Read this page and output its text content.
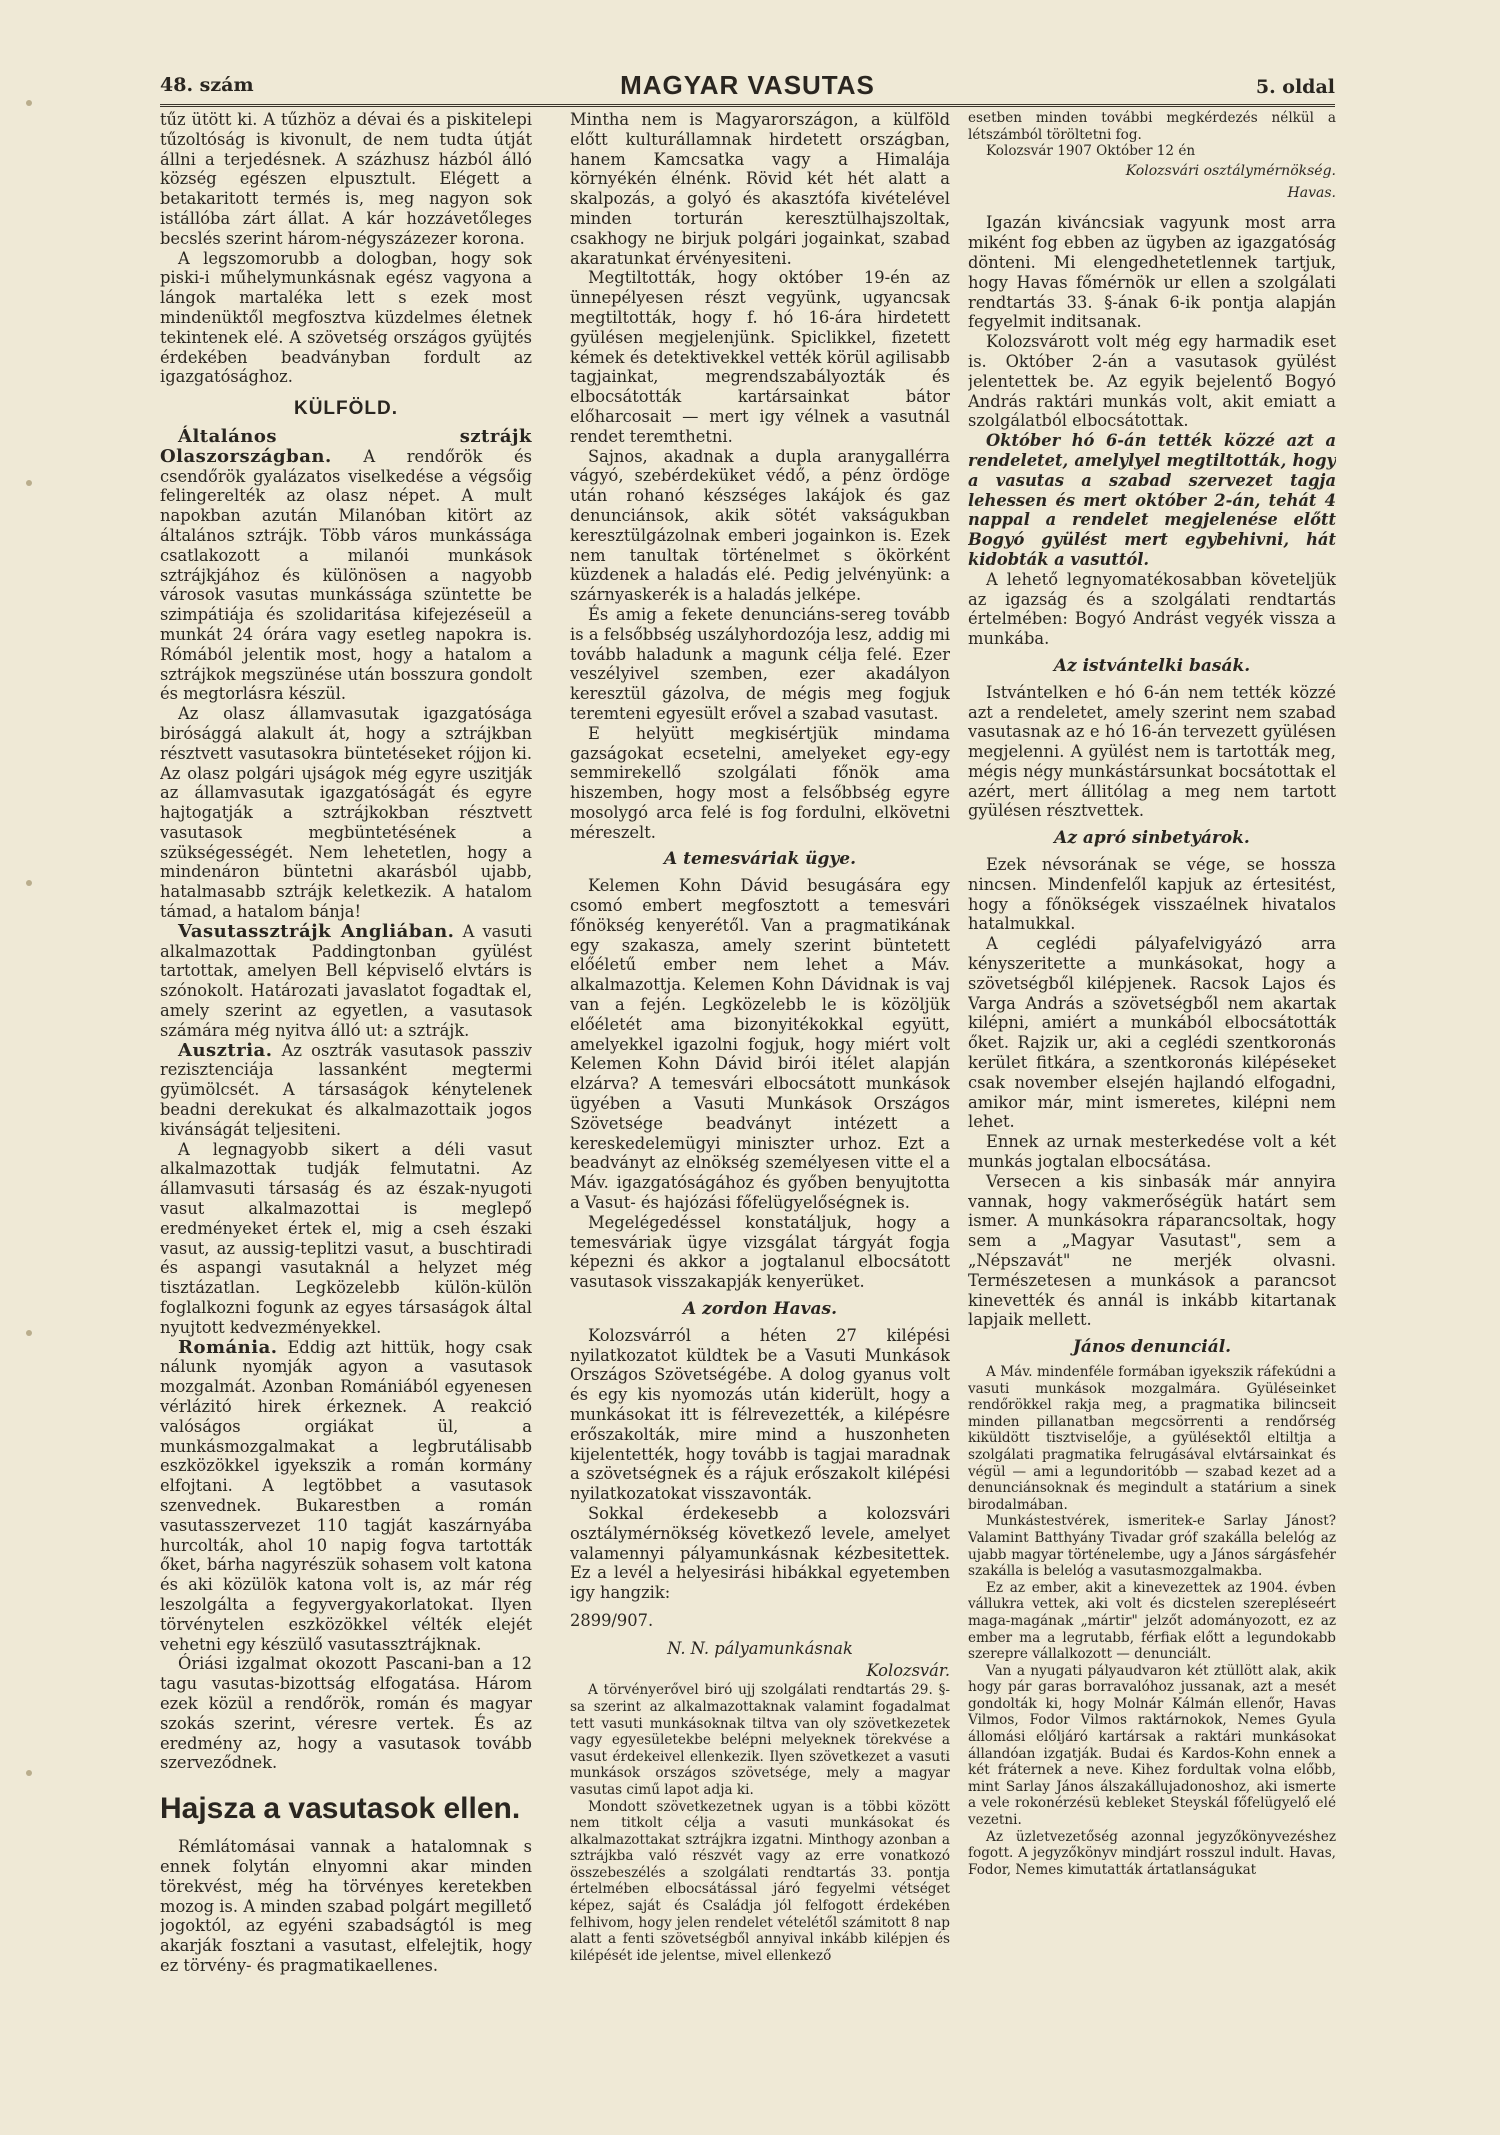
48. szám	MAGYAR VASUTAS	5. oldal

tűz ütött ki. A tűzhöz a dévai és a piskitelepi tűzoltóság is kivonult, de nem tudta útját állni a terjedésnek. A százhusz házból álló község egészen elpusztult. Elégett a betakaritott termés is, meg nagyon sok istállóba zárt állat. A kár hozzávetőleges becslés szerint három-négyszázezer korona.

A legszomorubb a dologban, hogy sok piski-i műhelymunkásnak egész vagyona a lángok martaléka lett s ezek most mindenüktől megfosztva küzdelmes életnek tekintenek elé. A szövetség országos gyüjtés érdekében beadványban fordult az igazgatósághoz.

KÜLFÖLD.

Általános sztrájk Olaszországban. A rendőrök és csendőrök gyalázatos viselkedése a végsőig felingerelték az olasz népet. A mult napokban azután Milanóban kitört az általános sztrájk. Több város munkássága csatlakozott a milanói munkások sztrájkjához és különösen a nagyobb városok vasutas munkássága szüntette be szimpátiája és szolidaritása kifejezéseül a munkát 24 órára vagy esetleg napokra is. Rómából jelentik most, hogy a hatalom a sztrájkok megszünése után bosszura gondolt és megtorlásra készül.

Az olasz államvasutak igazgatósága birósággá alakult át, hogy a sztrájkban résztvett vasutasokra büntetéseket rójjon ki. Az olasz polgári ujságok még egyre uszitják az államvasutak igazgatóságát és egyre hajtogatják a sztrájkokban résztvett vasutasok megbüntetésének a szükségességét. Nem lehetetlen, hogy a mindenáron büntetni akarásból ujabb, hatalmasabb sztrájk keletkezik. A hatalom támad, a hatalom bánja!

Vasutassztrájk Angliában. A vasuti alkalmazottak Paddingtonban gyülést tartottak, amelyen Bell képviselő elvtárs is szónokolt. Határozati javaslatot fogadtak el, amely szerint az egyetlen, a vasutasok számára még nyitva álló ut: a sztrájk.

Ausztria. Az osztrák vasutasok passziv rezisztenciája lassanként megtermi gyümölcsét. A társaságok kénytelenek beadni derekukat és alkalmazottaik jogos kivánságát teljesiteni.

A legnagyobb sikert a déli vasut alkalmazottak tudják felmutatni. Az államvasuti társaság és az észak-nyugoti vasut alkalmazottai is meglepő eredményeket értek el, mig a cseh északi vasut, az aussig-teplitzi vasut, a buschtiradi és aspangi vasutaknál a helyzet még tisztázatlan. Legközelebb külön-külön foglalkozni fogunk az egyes társaságok által nyujtott kedvezményekkel.

Románia. Eddig azt hittük, hogy csak nálunk nyomják agyon a vasutasok mozgalmát. Azonban Romániából egyenesen vérlázitó hirek érkeznek. A reakció valóságos orgiákat ül, a munkásmozgalmakat a legbrutálisabb eszközökkel igyekszik a román kormány elfojtani. A legtöbbet a vasutasok szenvednek. Bukarestben a román vasutasszervezet 110 tagját kaszárnyába hurcolták, ahol 10 napig fogva tartották őket, bárha nagyrészük sohasem volt katona és aki közülök katona volt is, az már rég leszolgálta a fegyvergyakorlatokat. Ilyen törvénytelen eszközökkel vélték elejét vehetni egy készülő vasutassztrájknak.

Óriási izgalmat okozott Pascani-ban a 12 tagu vasutas-bizottság elfogatása. Három ezek közül a rendőrök, román és magyar szokás szerint, véresre vertek. És az eredmény az, hogy a vasutasok tovább szerveződnek.

Hajsza a vasutasok ellen.

Rémlátomásai vannak a hatalomnak s ennek folytán elnyomni akar minden törekvést, még ha törvényes keretekben mozog is. A minden szabad polgárt megillető jogoktól, az egyéni szabadságtól is meg akarják fosztani a vasutast, elfelejtik, hogy ez törvény- és pragmatikaellenes.

Mintha nem is Magyarországon, a külföld előtt kulturállamnak hirdetett országban, hanem Kamcsatka vagy a Himalája környékén élnénk. Rövid két hét alatt a skalpozás, a golyó és akasztófa kivételével minden torturán keresztülhajszoltak, csakhogy ne birjuk polgári jogainkat, szabad akaratunkat érvényesiteni.

Megtiltották, hogy október 19-én az ünnepélyesen részt vegyünk, ugyancsak megtiltották, hogy f. hó 16-ára hirdetett gyülésen megjelenjünk. Spiclikkel, fizetett kémek és detektivekkel vették körül agilisabb tagjainkat, megrendszabályozták és elbocsátották kartársainkat bátor előharcosait — mert igy vélnek a vasutnál rendet teremthetni.

Sajnos, akadnak a dupla aranygallérra vágyó, szebérdeküket védő, a pénz ördöge után rohanó készséges lakájok és gaz denunciánsok, akik sötét vakságukban keresztülgázolnak emberi jogainkon is. Ezek nem tanultak történelmet s ökörként küzdenek a haladás elé. Pedig jelvényünk: a szárnyaskerék is a haladás jelképe.

És amig a fekete denunciáns-sereg tovább is a felsőbbség uszályhordozója lesz, addig mi tovább haladunk a magunk célja felé. Ezer veszélyivel szemben, ezer akadályon keresztül gázolva, de mégis meg fogjuk teremteni egyesült erővel a szabad vasutast.

E helyütt megkisértjük mindama gazságokat ecsetelni, amelyeket egy-egy semmirekellő szolgálati főnök ama hiszemben, hogy most a felsőbbség egyre mosolygó arca felé is fog fordulni, elkövetni méreszelt.

A temesváriak ügye.

Kelemen Kohn Dávid besugására egy csomó embert megfosztott a temesvári főnökség kenyerétől. Van a pragmatikának egy szakasza, amely szerint büntetett előéletű ember nem lehet a Máv. alkalmazottja. Kelemen Kohn Dávidnak is vaj van a fején. Legközelebb le is közöljük előéletét ama bizonyitékokkal együtt, amelyekkel igazolni fogjuk, hogy miért volt Kelemen Kohn Dávid birói itélet alapján elzárva? A temesvári elbocsátott munkások ügyében a Vasuti Munkások Országos Szövetsége beadványt intézett a kereskedelemügyi miniszter urhoz. Ezt a beadványt az elnökség személyesen vitte el a Máv. igazgatóságához és győben benyujtotta a Vasut- és hajózási főfelügyelőségnek is.

Megelégedéssel konstatáljuk, hogy a temesváriak ügye vizsgálat tárgyát fogja képezni és akkor a jogtalanul elbocsátott vasutasok visszakapják kenyerüket.

A zordon Havas.

Kolozsvárról a héten 27 kilépési nyilatkozatot küldtek be a Vasuti Munkások Országos Szövetségébe. A dolog gyanus volt és egy kis nyomozás után kiderült, hogy a munkásokat itt is félrevezették, a kilépésre erőszakolták, mire mind a huszonheten kijelentették, hogy tovább is tagjai maradnak a szövetségnek és a rájuk erőszakolt kilépési nyilatkozatokat visszavonták.

Sokkal érdekesebb a kolozsvári osztálymérnökség következő levele, amelyet valamennyi pályamunkásnak kézbesitettek. Ez a levél a helyesirási hibákkal egyetemben igy hangzik:

2899/907.
N. N. pályamunkásnak
Kolozsvár.

A törvényerővel biró ujj szolgálati rendtartás 29. §-sa szerint az alkalmazottaknak valamint fogadalmat tett vasuti munkásoknak tiltva van oly szövetkezetek vagy egyesületekbe belépni melyeknek törekvése a vasut érdekeivel ellenkezik. Ilyen szövetkezet a vasuti munkások országos szövetsége, mely a magyar vasutas cimű lapot adja ki.

Mondott szövetkezetnek ugyan is a többi között nem titkolt célja a vasuti munkásokat és alkalmazottakat sztrájkra izgatni. Minthogy azonban a sztrájkba való részvét vagy az erre vonatkozó összebeszélés a szolgálati rendtartás 33. pontja értelmében elbocsátással járó fegyelmi vétséget képez, saját és Családja jól felfogott érdekében felhivom, hogy jelen rendelet vételétől számitott 8 nap alatt a fenti szövetségből annyival inkább kilépjen és kilépését ide jelentse, mivel ellenkező

esetben minden további megkérdezés nélkül a létszámból töröltetni fog.

Kolozsvár 1907 Október 12 én

Kolozsvári osztálymérnökség.
Havas.

Igazán kiváncsiak vagyunk most arra miként fog ebben az ügyben az igazgatóság dönteni. Mi elengedhetetlennek tartjuk, hogy Havas főmérnök ur ellen a szolgálati rendtartás 33. §-ának 6-ik pontja alapján fegyelmit inditsanak.

Kolozsvárott volt még egy harmadik eset is. Október 2-án a vasutasok gyülést jelentettek be. Az egyik bejelentő Bogyó András raktári munkás volt, akit emiatt a szolgálatból elbocsátottak.

Október hó 6-án tették közzé azt a rendeletet, amelylyel megtiltották, hogy a vasutas a szabad szervezet tagja lehessen és mert október 2-án, tehát 4 nappal a rendelet megjelenése előtt Bogyó gyülést mert egybehivni, hát kidobták a vasuttól.

A lehető legnyomatékosabban követeljük az igazság és a szolgálati rendtartás értelmében: Bogyó Andrást vegyék vissza a munkába.

Az istvántelki basák.

Istvántelken e hó 6-án nem tették közzé azt a rendeletet, amely szerint nem szabad vasutasnak az e hó 16-án tervezett gyülésen megjelenni. A gyülést nem is tartották meg, mégis négy munkástársunkat bocsátottak el azért, mert állitólag a meg nem tartott gyülésen résztvettek.

Az apró sinbetyárok.

Ezek névsorának se vége, se hossza nincsen. Mindenfelől kapjuk az értesitést, hogy a főnökségek visszaélnek hivatalos hatalmukkal.

A ceglédi pályafelvigyázó arra kényszeritette a munkásokat, hogy a szövetségből kilépjenek. Racsok Lajos és Varga András a szövetségből nem akartak kilépni, amiért a munkából elbocsátották őket. Rajzik ur, aki a ceglédi szentkoronás kerület fitkára, a szentkoronás kilépéseket csak november elsején hajlandó elfogadni, amikor már, mint ismeretes, kilépni nem lehet.

Ennek az urnak mesterkedése volt a két munkás jogtalan elbocsátása.

Versecen a kis sinbasák már annyira vannak, hogy vakmerőségük határt sem ismer. A munkásokra ráparancsoltak, hogy sem a „Magyar Vasutast", sem a „Népszavát" ne merjék olvasni. Természetesen a munkások a parancsot kinevették és annál is inkább kitartanak lapjaik mellett.

János denunciál.

A Máv. mindenféle formában igyekszik ráfekúdni a vasuti munkások mozgalmára. Gyüléseinket rendőrökkel rakja meg, a pragmatika bilincseit minden pillanatban megcsörrenti a rendőrség kiküldött tisztviselője, a gyülésektől eltiltja a szolgálati pragmatika felrugásával elvtársainkat és végül — ami a legundoritóbb — szabad kezet ad a denunciánsoknak és megindult a statárium a sinek birodalmában.

Munkástestvérek, ismeritek-e Sarlay Jánost? Valamint Batthyány Tivadar gróf szakálla belelóg az ujabb magyar történelembe, ugy a János sárgásfehér szakálla is belelóg a vasutasmozgalmakba.

Ez az ember, akit a kinevezettek az 1904. évben vállukra vettek, aki volt és dicstelen szerepléseért maga-magának „mártir" jelzőt adományozott, ez az ember ma a legrutabb, férfiak előtt a legundokabb szerepre vállalkozott — denunciált.

Van a nyugati pályaudvaron két ztüllött alak, akik hogy pár garas borravalóhoz jussanak, azt a mesét gondolták ki, hogy Molnár Kálmán ellenőr, Havas Vilmos, Fodor Vilmos raktárnokok, Nemes Gyula állomási előljáró kartársak a raktári munkásokat állandóan izgatják. Budai és Kardos-Kohn ennek a két fráternek a neve. Kihez fordultak volna előbb, mint Sarlay János álszakállujadonoshoz, aki ismerte a vele rokonérzésü kebleket Steyskál főfelügyelő elé vezetni.

Az üzletvezetőség azonnal jegyzőkönyvezéshez fogott. A jegyzőkönyv mindjárt rosszul indult. Havas, Fodor, Nemes kimutatták ártatlanságukat
